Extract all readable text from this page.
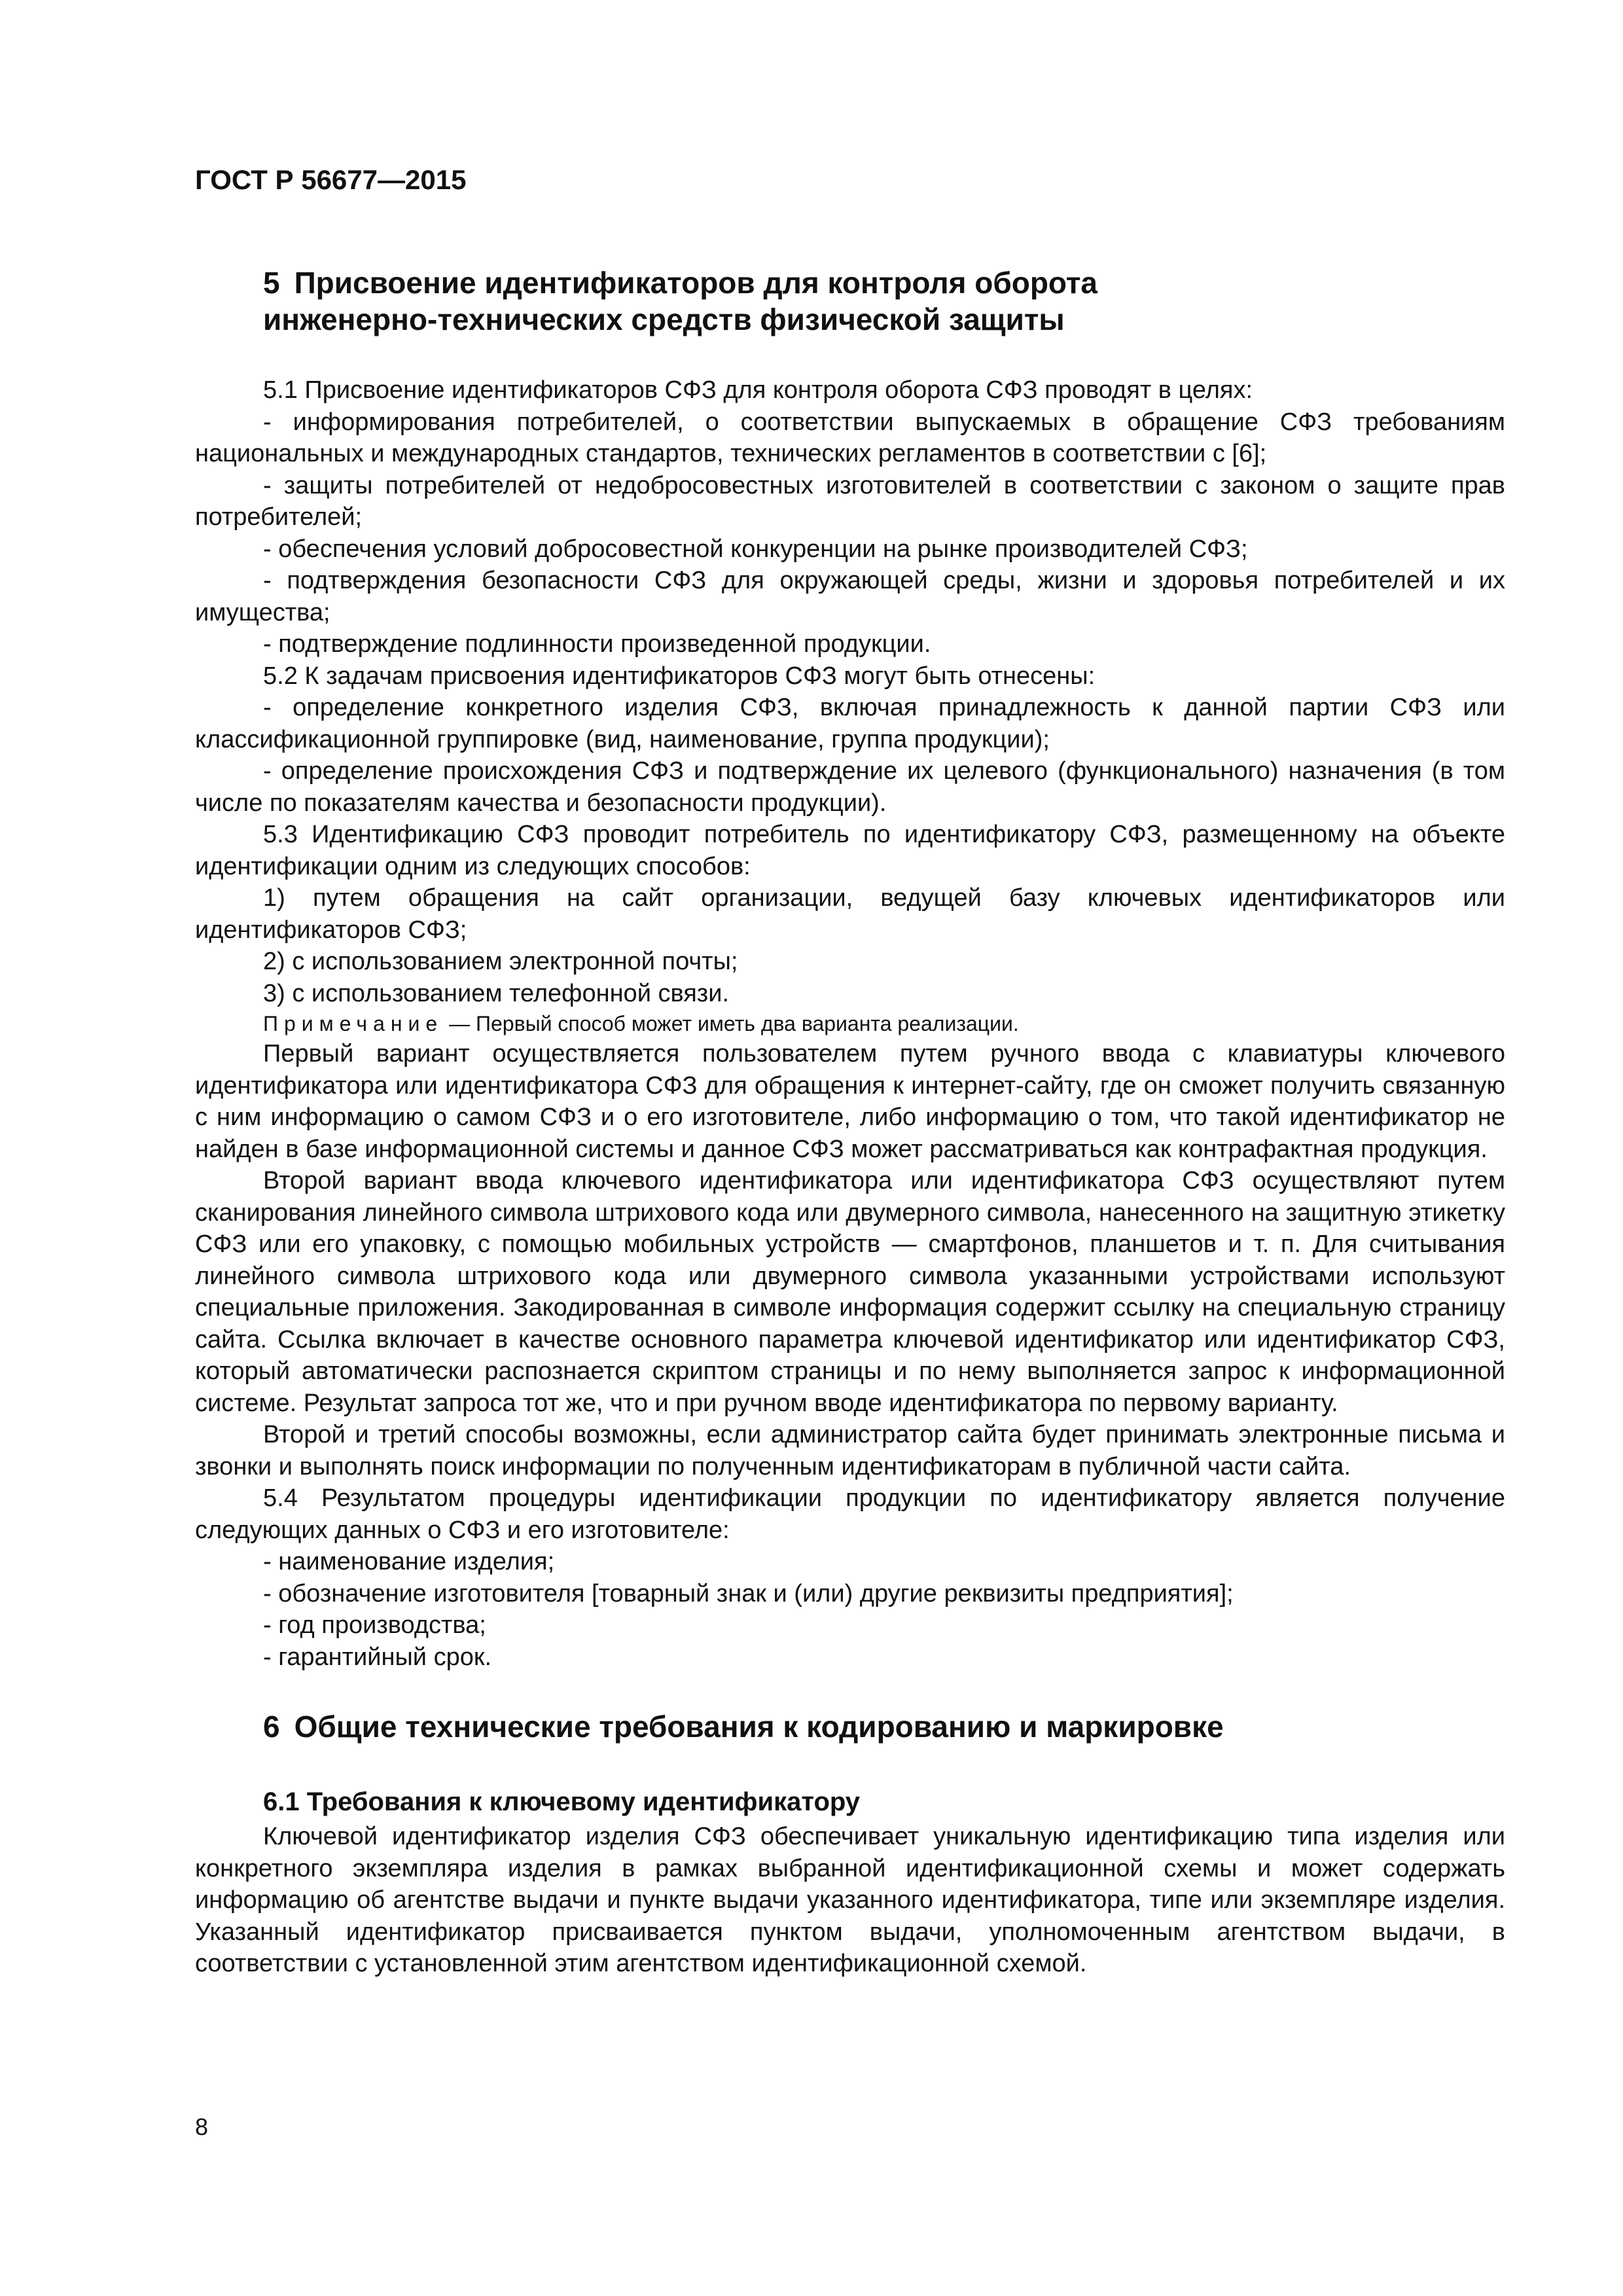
ГОСТ Р 56677—2015

5 Присвоение идентификаторов для контроля оборота
инженерно-технических средств физической защиты

5.1 Присвоение идентификаторов СФЗ для контроля оборота СФЗ проводят в целях:

- информирования потребителей, о соответствии выпускаемых в обращение СФЗ требованиям национальных и международных стандартов, технических регламентов в соответствии с [6];

- защиты потребителей от недобросовестных изготовителей в соответствии с законом о защите прав потребителей;

- обеспечения условий добросовестной конкуренции на рынке производителей СФЗ;

- подтверждения безопасности СФЗ для окружающей среды, жизни и здоровья потребителей и их имущества;

- подтверждение подлинности произведенной продукции.

5.2 К задачам присвоения идентификаторов СФЗ могут быть отнесены:

- определение конкретного изделия СФЗ, включая принадлежность к данной партии СФЗ или классификационной группировке (вид, наименование, группа продукции);

- определение происхождения СФЗ и подтверждение их целевого (функционального) назначения (в том числе по показателям качества и безопасности продукции).

5.3 Идентификацию СФЗ проводит потребитель по идентификатору СФЗ, размещенному на объекте идентификации одним из следующих способов:

1) путем обращения на сайт организации, ведущей базу ключевых идентификаторов или идентификаторов СФЗ;

2) с использованием электронной почты;

3) с использованием телефонной связи.

Примечание — Первый способ может иметь два варианта реализации.

Первый вариант осуществляется пользователем путем ручного ввода с клавиатуры ключевого идентификатора или идентификатора СФЗ для обращения к интернет-сайту, где он сможет получить связанную с ним информацию о самом СФЗ и о его изготовителе, либо информацию о том, что такой идентификатор не найден в базе информационной системы и данное СФЗ может рассматриваться как контрафактная продукция.

Второй вариант ввода ключевого идентификатора или идентификатора СФЗ осуществляют путем сканирования линейного символа штрихового кода или двумерного символа, нанесенного на защитную этикетку СФЗ или его упаковку, с помощью мобильных устройств — смартфонов, планшетов и т. п. Для считывания линейного символа штрихового кода или двумерного символа указанными устройствами используют специальные приложения. Закодированная в символе информация содержит ссылку на специальную страницу сайта. Ссылка включает в качестве основного параметра ключевой идентификатор или идентификатор СФЗ, который автоматически распознается скриптом страницы и по нему выполняется запрос к информационной системе. Результат запроса тот же, что и при ручном вводе идентификатора по первому варианту.

Второй и третий способы возможны, если администратор сайта будет принимать электронные письма и звонки и выполнять поиск информации по полученным идентификаторам в публичной части сайта.

5.4 Результатом процедуры идентификации продукции по идентификатору является получение следующих данных о СФЗ и его изготовителе:

- наименование изделия;

- обозначение изготовителя [товарный знак и (или) другие реквизиты предприятия];

- год производства;

- гарантийный срок.

6 Общие технические требования к кодированию и маркировке
6.1 Требования к ключевому идентификатору

Ключевой идентификатор изделия СФЗ обеспечивает уникальную идентификацию типа изделия или конкретного экземпляра изделия в рамках выбранной идентификационной схемы и может содержать информацию об агентстве выдачи и пункте выдачи указанного идентификатора, типе или экземпляре изделия. Указанный идентификатор присваивается пунктом выдачи, уполномоченным агентством выдачи, в соответствии с установленной этим агентством идентификационной схемой.

8
